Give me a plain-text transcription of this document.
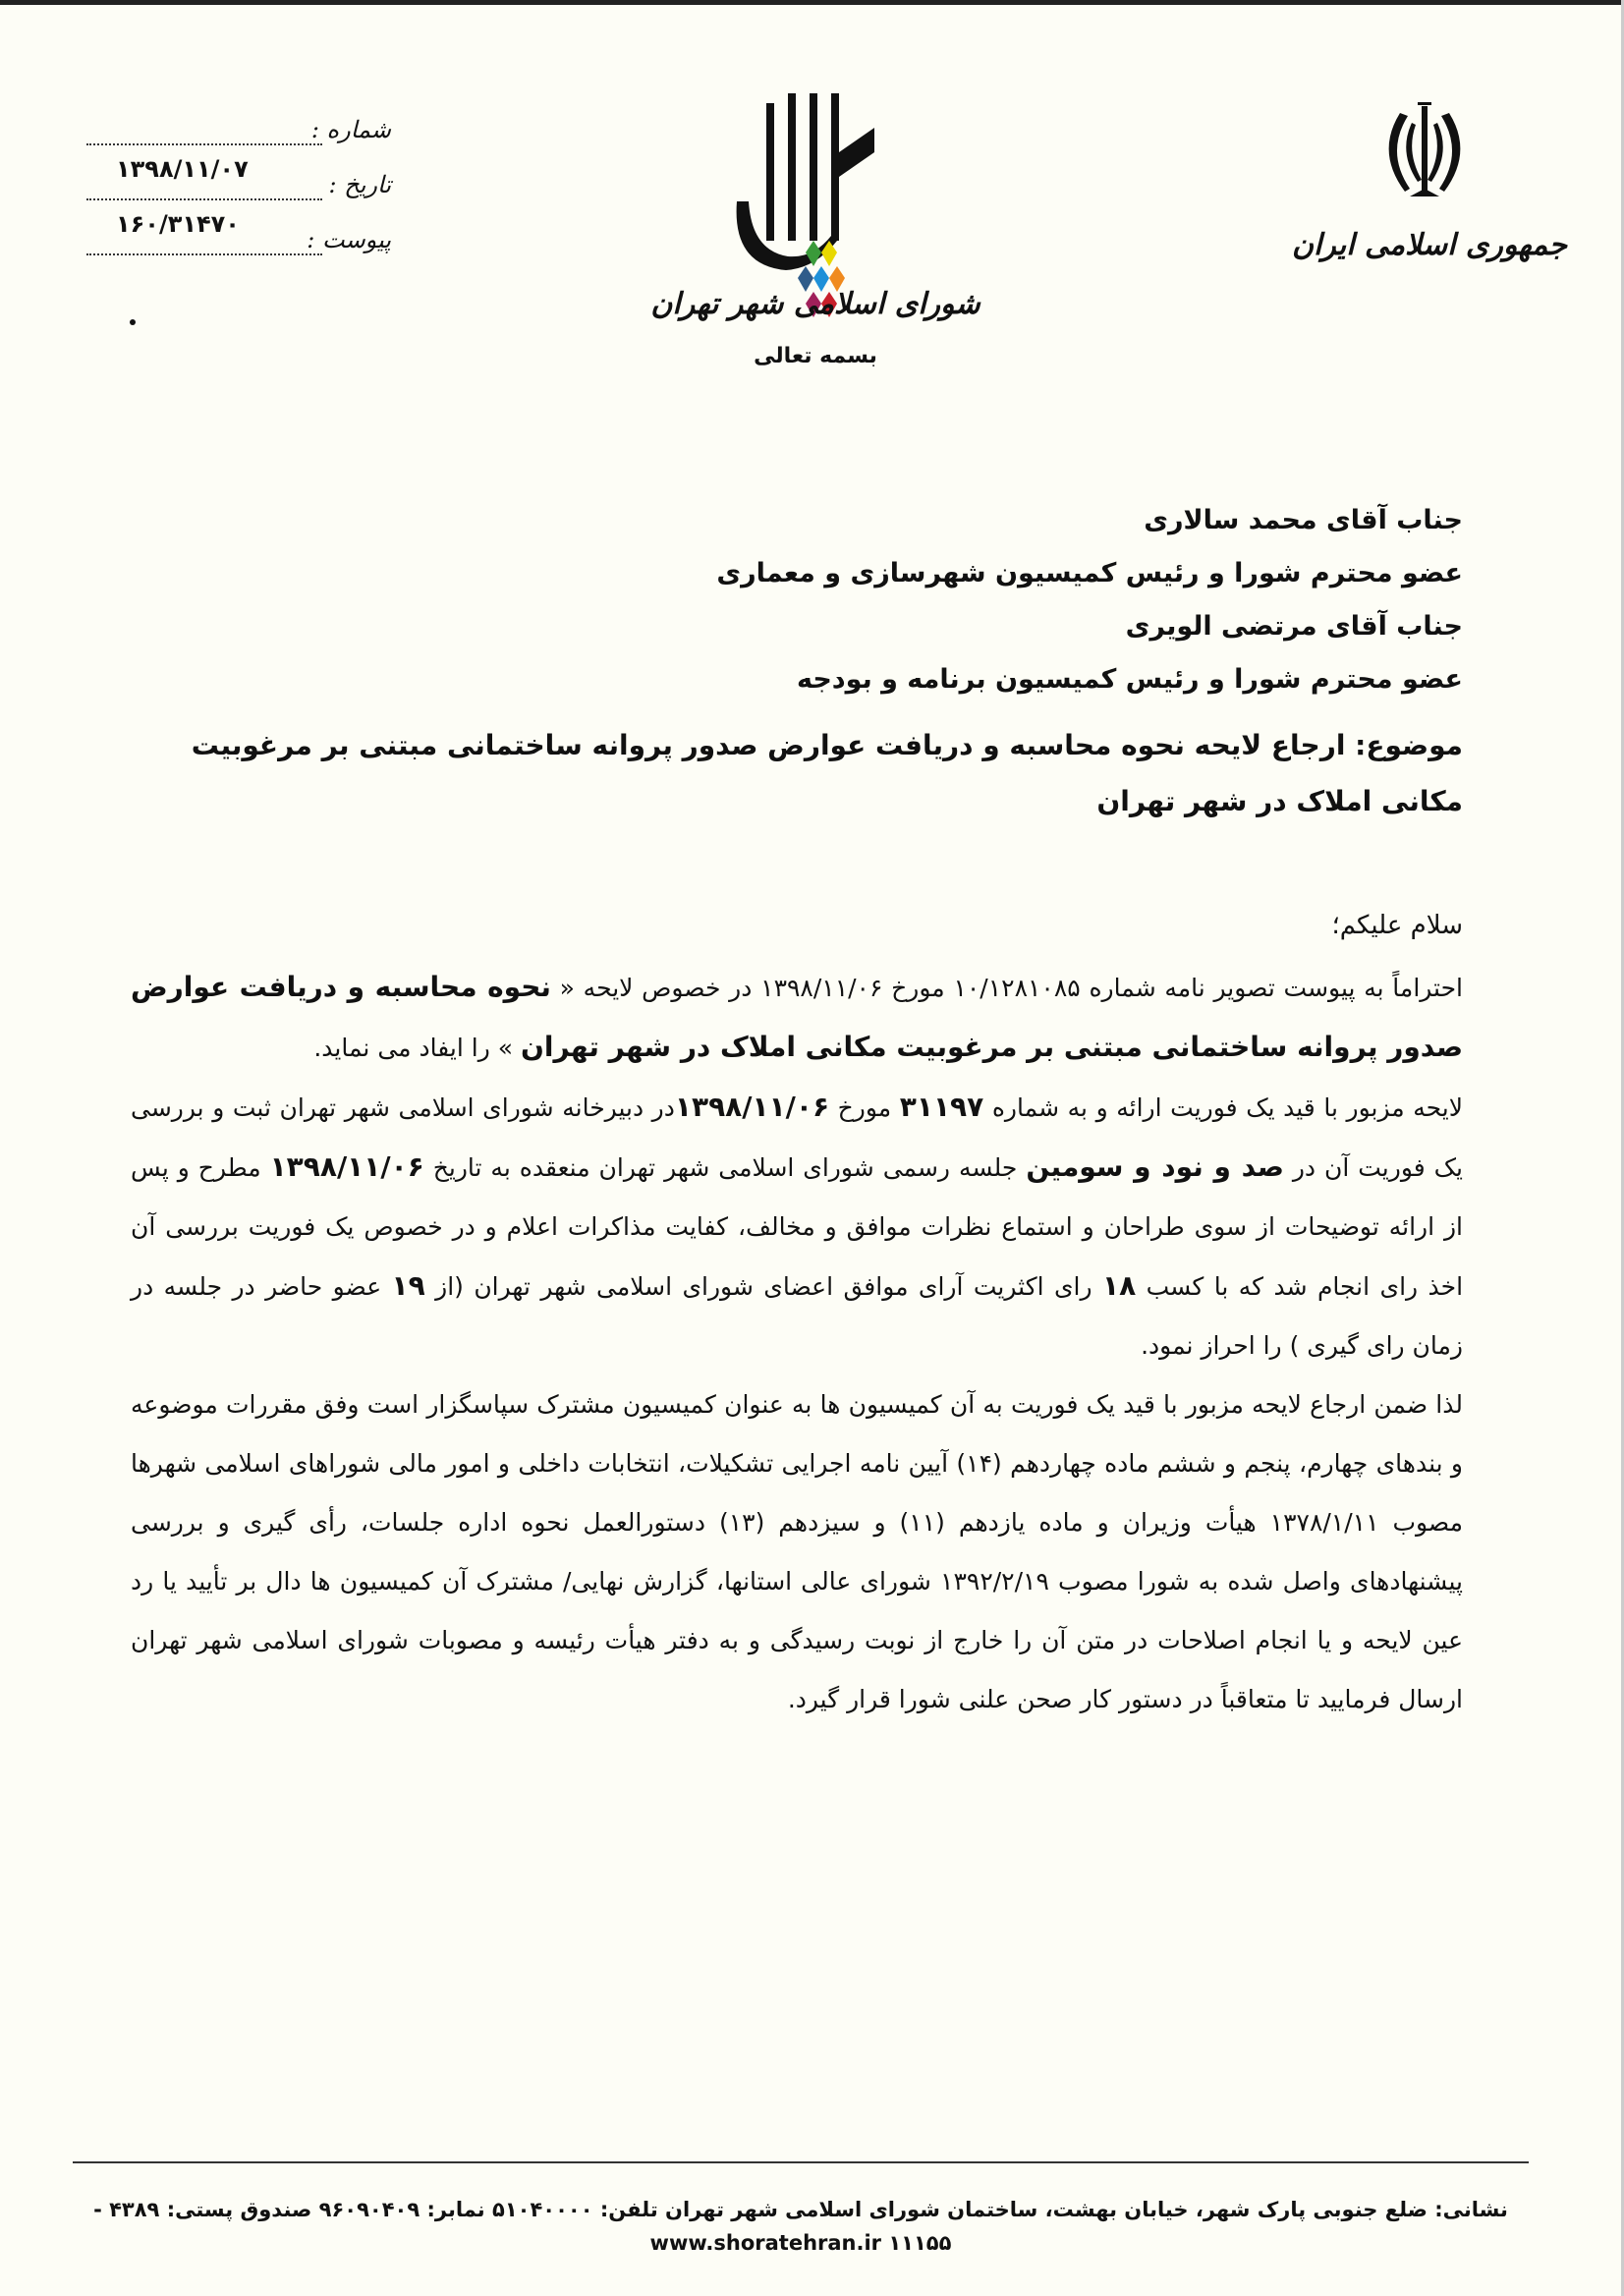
شماره :
۱۳۹۸/۱۱/۰۷
تاریخ :
۱۶۰/۳۱۴۷۰
پیوست :
شورای اسلامی شهر تهران
بسمه تعالی
جمهوری اسلامی ایران
جناب آقای محمد سالاری
عضو محترم شورا و رئیس کمیسیون شهرسازی و معماری
جناب آقای مرتضی الویری
عضو محترم شورا و رئیس کمیسیون برنامه و بودجه
موضوع: ارجاع لایحه نحوه محاسبه و دریافت عوارض صدور پروانه ساختمانی مبتنی بر مرغوبیت مکانی املاک در شهر تهران
سلام علیکم؛

احتراماً به پیوست تصویر نامه شماره ۱۰/۱۲۸۱۰۸۵ مورخ ۱۳۹۸/۱۱/۰۶ در خصوص لایحه « نحوه محاسبه و دریافت عوارض صدور پروانه ساختمانی مبتنی بر مرغوبیت مکانی املاک در شهر تهران » را ایفاد می نماید.

لایحه مزبور با قید یک فوریت ارائه و به شماره ۳۱۱۹۷ مورخ ۱۳۹۸/۱۱/۰۶در دبیرخانه شورای اسلامی شهر تهران ثبت و بررسی یک فوریت آن در صد و نود و سومین جلسه رسمی شورای اسلامی شهر تهران منعقده به تاریخ ۱۳۹۸/۱۱/۰۶ مطرح و پس از ارائه توضیحات از سوی طراحان و استماع نظرات موافق و مخالف، کفایت مذاکرات اعلام و در خصوص یک فوریت بررسی آن اخذ رای انجام شد که با کسب ۱۸ رای اکثریت آرای موافق اعضای شورای اسلامی شهر تهران (از ۱۹ عضو حاضر در جلسه در زمان رای گیری ) را احراز نمود.

لذا ضمن ارجاع لایحه مزبور با قید یک فوریت به آن کمیسیون ها به عنوان کمیسیون مشترک سپاسگزار است وفق مقررات موضوعه و بندهای چهارم، پنجم و ششم ماده چهاردهم (۱۴) آیین نامه اجرایی تشکیلات، انتخابات داخلی و امور مالی شوراهای اسلامی شهرها مصوب ۱۳۷۸/۱/۱۱ هیأت وزیران و ماده یازدهم (۱۱) و سیزدهم (۱۳) دستورالعمل نحوه اداره جلسات، رأی گیری و بررسی پیشنهادهای واصل شده به شورا مصوب ۱۳۹۲/۲/۱۹ شورای عالی استانها، گزارش نهایی/ مشترک آن کمیسیون ها دال بر تأیید یا رد عین لایحه و یا انجام اصلاحات در متن آن را خارج از نوبت رسیدگی و به دفتر هیأت رئیسه و مصوبات شورای اسلامی شهر تهران ارسال فرمایید تا متعاقباً در دستور کار صحن علنی شورا قرار گیرد.

نشانی: ضلع جنوبی پارک شهر، خیابان بهشت، ساختمان شورای اسلامی شهر تهران تلفن: ۵۱۰۴۰۰۰۰ نمابر: ۹۶۰۹۰۴۰۹ صندوق پستی: ۴۳۸۹ - ۱۱۱۵۵ www.shoratehran.ir
